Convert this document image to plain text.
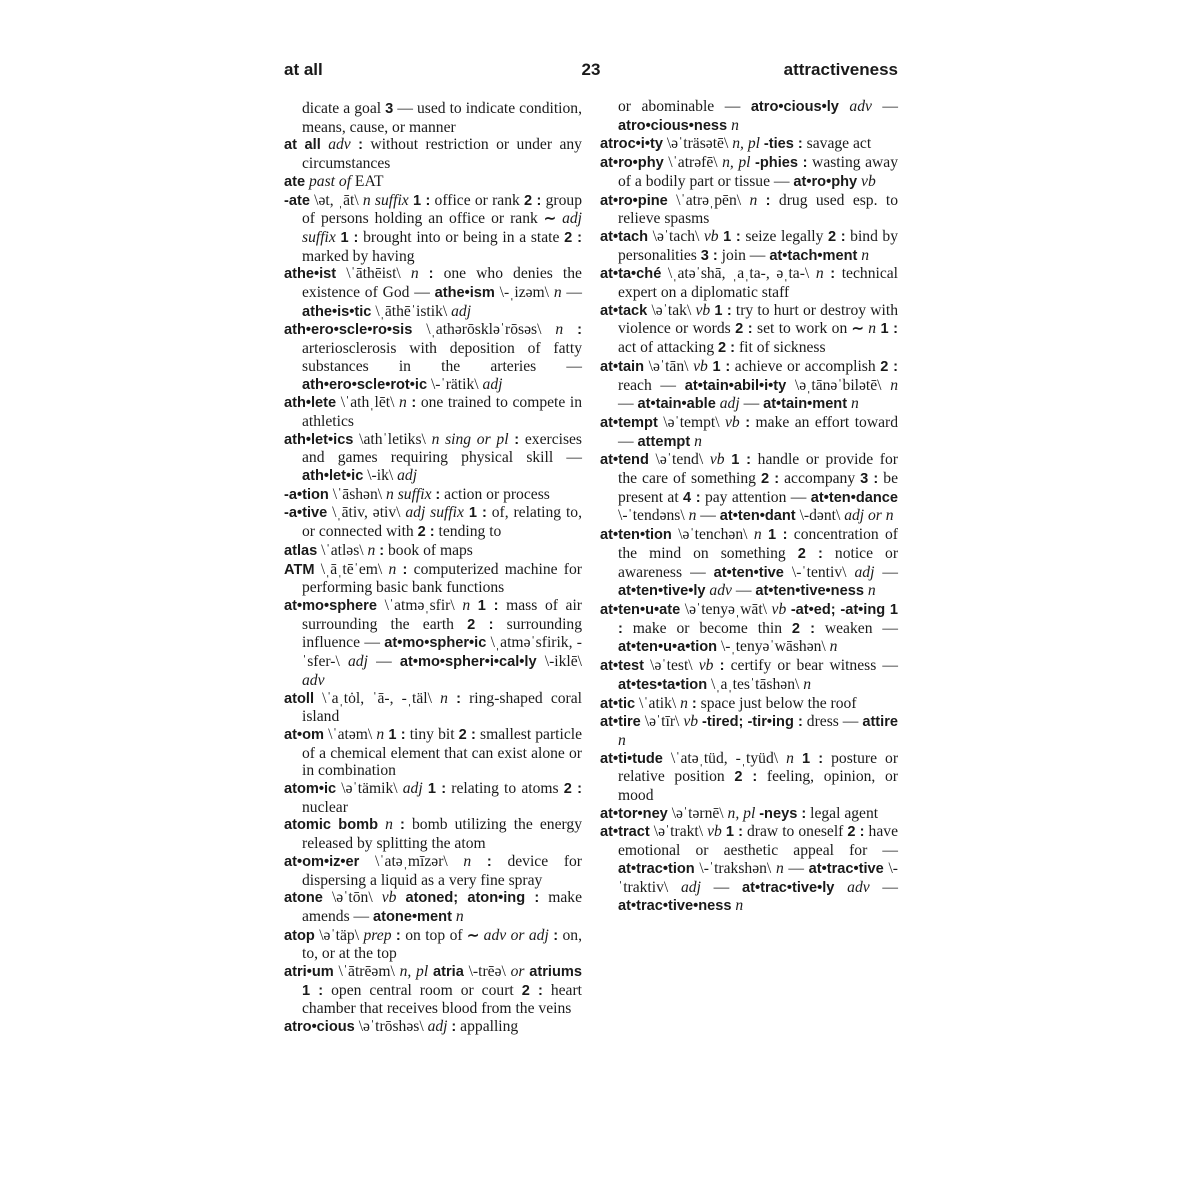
at all	23	attractiveness

dicate a goal 3 — used to indicate condition, means, cause, or manner

at all adv : without restriction or under any circumstances

ate past of EAT

-ate \ət, ˌāt\ n suffix 1 : office or rank 2 : group of persons holding an office or rank ∼ adj suffix 1 : brought into or being in a state 2 : marked by having

athe•ist \ˈāthēist\ n : one who denies the existence of God — athe•ism \-ˌizəm\ n — athe•is•tic \ˌāthēˈistik\ adj

ath•ero•scle•ro•sis \ˌathərōskləˈrōsəs\ n : arteriosclerosis with deposition of fatty substances in the arteries — ath•ero•scle•rot•ic \-ˈrätik\ adj

ath•lete \ˈathˌlēt\ n : one trained to compete in athletics

ath•let•ics \athˈletiks\ n sing or pl : exercises and games requiring physical skill — ath•let•ic \-ik\ adj

-a•tion \ˈāshən\ n suffix : action or process

-a•tive \ˌātiv, ətiv\ adj suffix 1 : of, relating to, or connected with 2 : tending to

atlas \ˈatləs\ n : book of maps

ATM \ˌāˌtēˈem\ n : computerized machine for performing basic bank functions

at•mo•sphere \ˈatməˌsfir\ n 1 : mass of air surrounding the earth 2 : surrounding influence — at•mo•spher•ic \ˌatməˈsfirik, -ˈsfer-\ adj — at•mo•spher•i•cal•ly \-iklē\ adv

atoll \ˈaˌtȯl, ˈā-, -ˌtäl\ n : ring-shaped coral island

at•om \ˈatəm\ n 1 : tiny bit 2 : smallest particle of a chemical element that can exist alone or in combination

atom•ic \əˈtämik\ adj 1 : relating to atoms 2 : nuclear

atomic bomb n : bomb utilizing the energy released by splitting the atom

at•om•iz•er \ˈatəˌmīzər\ n : device for dispersing a liquid as a very fine spray

atone \əˈtōn\ vb atoned; aton•ing : make amends — atone•ment n

atop \əˈtäp\ prep : on top of ∼ adv or adj : on, to, or at the top

atri•um \ˈātrēəm\ n, pl atria \-trēə\ or atriums 1 : open central room or court 2 : heart chamber that receives blood from the veins

atro•cious \əˈtrōshəs\ adj : appalling

or abominable — atro•cious•ly adv — atro•cious•ness n

atroc•i•ty \əˈträsətē\ n, pl -ties : savage act

at•ro•phy \ˈatrəfē\ n, pl -phies : wasting away of a bodily part or tissue — at•ro•phy vb

at•ro•pine \ˈatrəˌpēn\ n : drug used esp. to relieve spasms

at•tach \əˈtach\ vb 1 : seize legally 2 : bind by personalities 3 : join — at•tach•ment n

at•ta•ché \ˌatəˈshā, ˌaˌta-, əˌta-\ n : technical expert on a diplomatic staff

at•tack \əˈtak\ vb 1 : try to hurt or destroy with violence or words 2 : set to work on ∼ n 1 : act of attacking 2 : fit of sickness

at•tain \əˈtān\ vb 1 : achieve or accomplish 2 : reach — at•tain•abil•i•ty \əˌtānəˈbilətē\ n — at•tain•able adj — at•tain•ment n

at•tempt \əˈtempt\ vb : make an effort toward — attempt n

at•tend \əˈtend\ vb 1 : handle or provide for the care of something 2 : accompany 3 : be present at 4 : pay attention — at•ten•dance \-ˈtendəns\ n — at•ten•dant \-dənt\ adj or n

at•ten•tion \əˈtenchən\ n 1 : concentration of the mind on something 2 : notice or awareness — at•ten•tive \-ˈtentiv\ adj — at•ten•tive•ly adv — at•ten•tive•ness n

at•ten•u•ate \əˈtenyəˌwāt\ vb -at•ed; -at•ing 1 : make or become thin 2 : weaken — at•ten•u•a•tion \-ˌtenyəˈwāshən\ n

at•test \əˈtest\ vb : certify or bear witness — at•tes•ta•tion \ˌaˌtesˈtāshən\ n

at•tic \ˈatik\ n : space just below the roof

at•tire \əˈtīr\ vb -tired; -tir•ing : dress — attire n

at•ti•tude \ˈatəˌtüd, -ˌtyüd\ n 1 : posture or relative position 2 : feeling, opinion, or mood

at•tor•ney \əˈtərnē\ n, pl -neys : legal agent

at•tract \əˈtrakt\ vb 1 : draw to oneself 2 : have emotional or aesthetic appeal for — at•trac•tion \-ˈtrakshən\ n — at•trac•tive \-ˈtraktiv\ adj — at•trac•tive•ly adv — at•trac•tive•ness n
